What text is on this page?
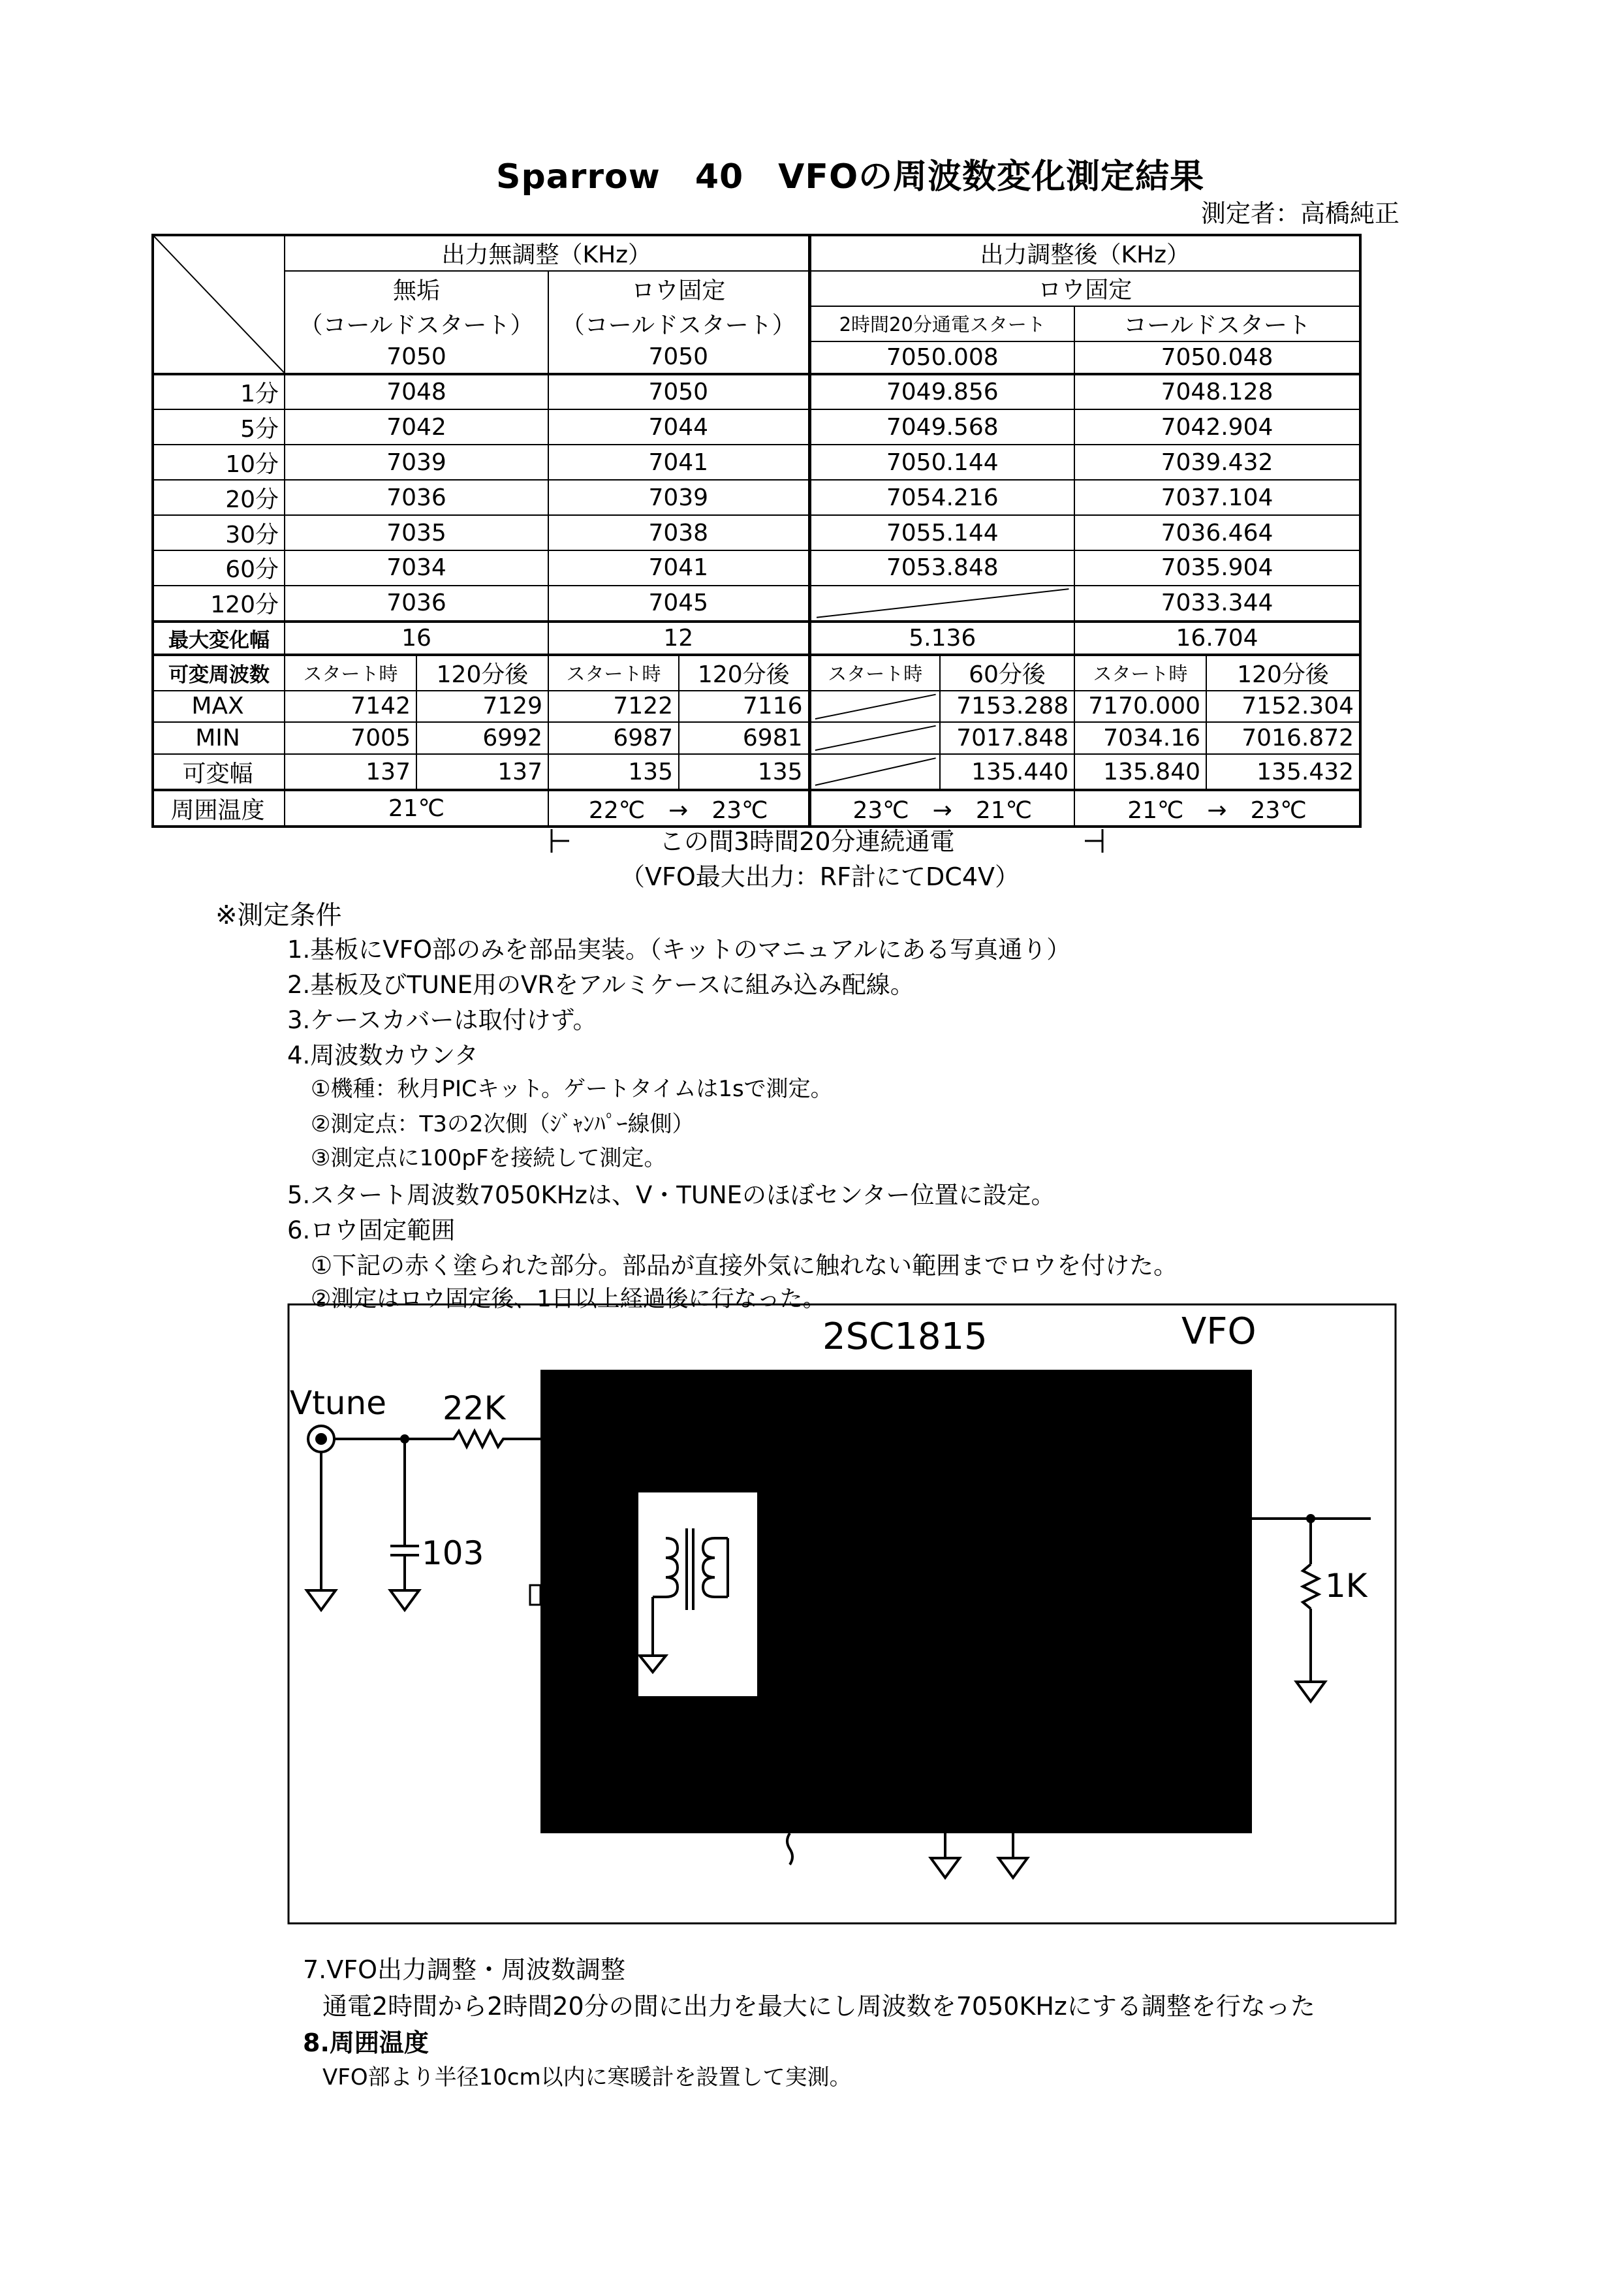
Sparrow　40　VFOの周波数変化測定結果
測定者：高橋純正
	出力無調整（KHz）				出力調整後（KHz）			
	無垢		ロウ固定		ロウ固定			
	（コールドスタート）		（コールドスタート）		2時間20分通電スタート		コールドスタート	
	7050		7050		7050.008		7050.048	
1分	7048		7050		7049.856		7048.128	
5分	7042		7044		7049.568		7042.904	
10分	7039		7041		7050.144		7039.432	
20分	7036		7039		7054.216		7037.104	
30分	7035		7038		7055.144		7036.464	
60分	7034		7041		7053.848		7035.904	
120分	7036		7045				7033.344	
最大変化幅	16		12		5.136		16.704	
可変周波数	スタート時	120分後	スタート時	120分後	スタート時	60分後	スタート時	120分後
MAX	7142	7129	7122	7116		7153.288	7170.000	7152.304
MIN	7005	6992	6987	6981		7017.848	7034.16	7016.872
可変幅	137	137	135	135		135.440	135.840	135.432
周囲温度	21℃		22℃　→　23℃		23℃　→　21℃		21℃　→　23℃	
この間3時間20分連続通電
（VFO最大出力：RF計にてDC4V）
※測定条件
1.基板にVFO部のみを部品実装。（キットのマニュアルにある写真通り）
2.基板及びTUNE用のVRをアルミケースに組み込み配線。
3.ケースカバーは取付けず。
4.周波数カウンタ
①機種：秋月PICキット。ゲートタイムは1sで測定。
②測定点：T3の2次側（ｼﾞｬﾝﾊﾟｰ線側）
③測定点に100pFを接続して測定。
5.スタート周波数7050KHzは、V・TUNEのほぼセンター位置に設定。
6.ロウ固定範囲
①下記の赤く塗られた部分。部品が直接外気に触れない範囲までロウを付けた。
②測定はロウ固定後、1日以上経過後に行なった。
2SC1815	VFO
Vtune 22K
103
1K
7.VFO出力調整・周波数調整
通電2時間から2時間20分の間に出力を最大にし周波数を7050KHzにする調整を行なった
8.周囲温度
VFO部より半径10cm以内に寒暖計を設置して実測。
